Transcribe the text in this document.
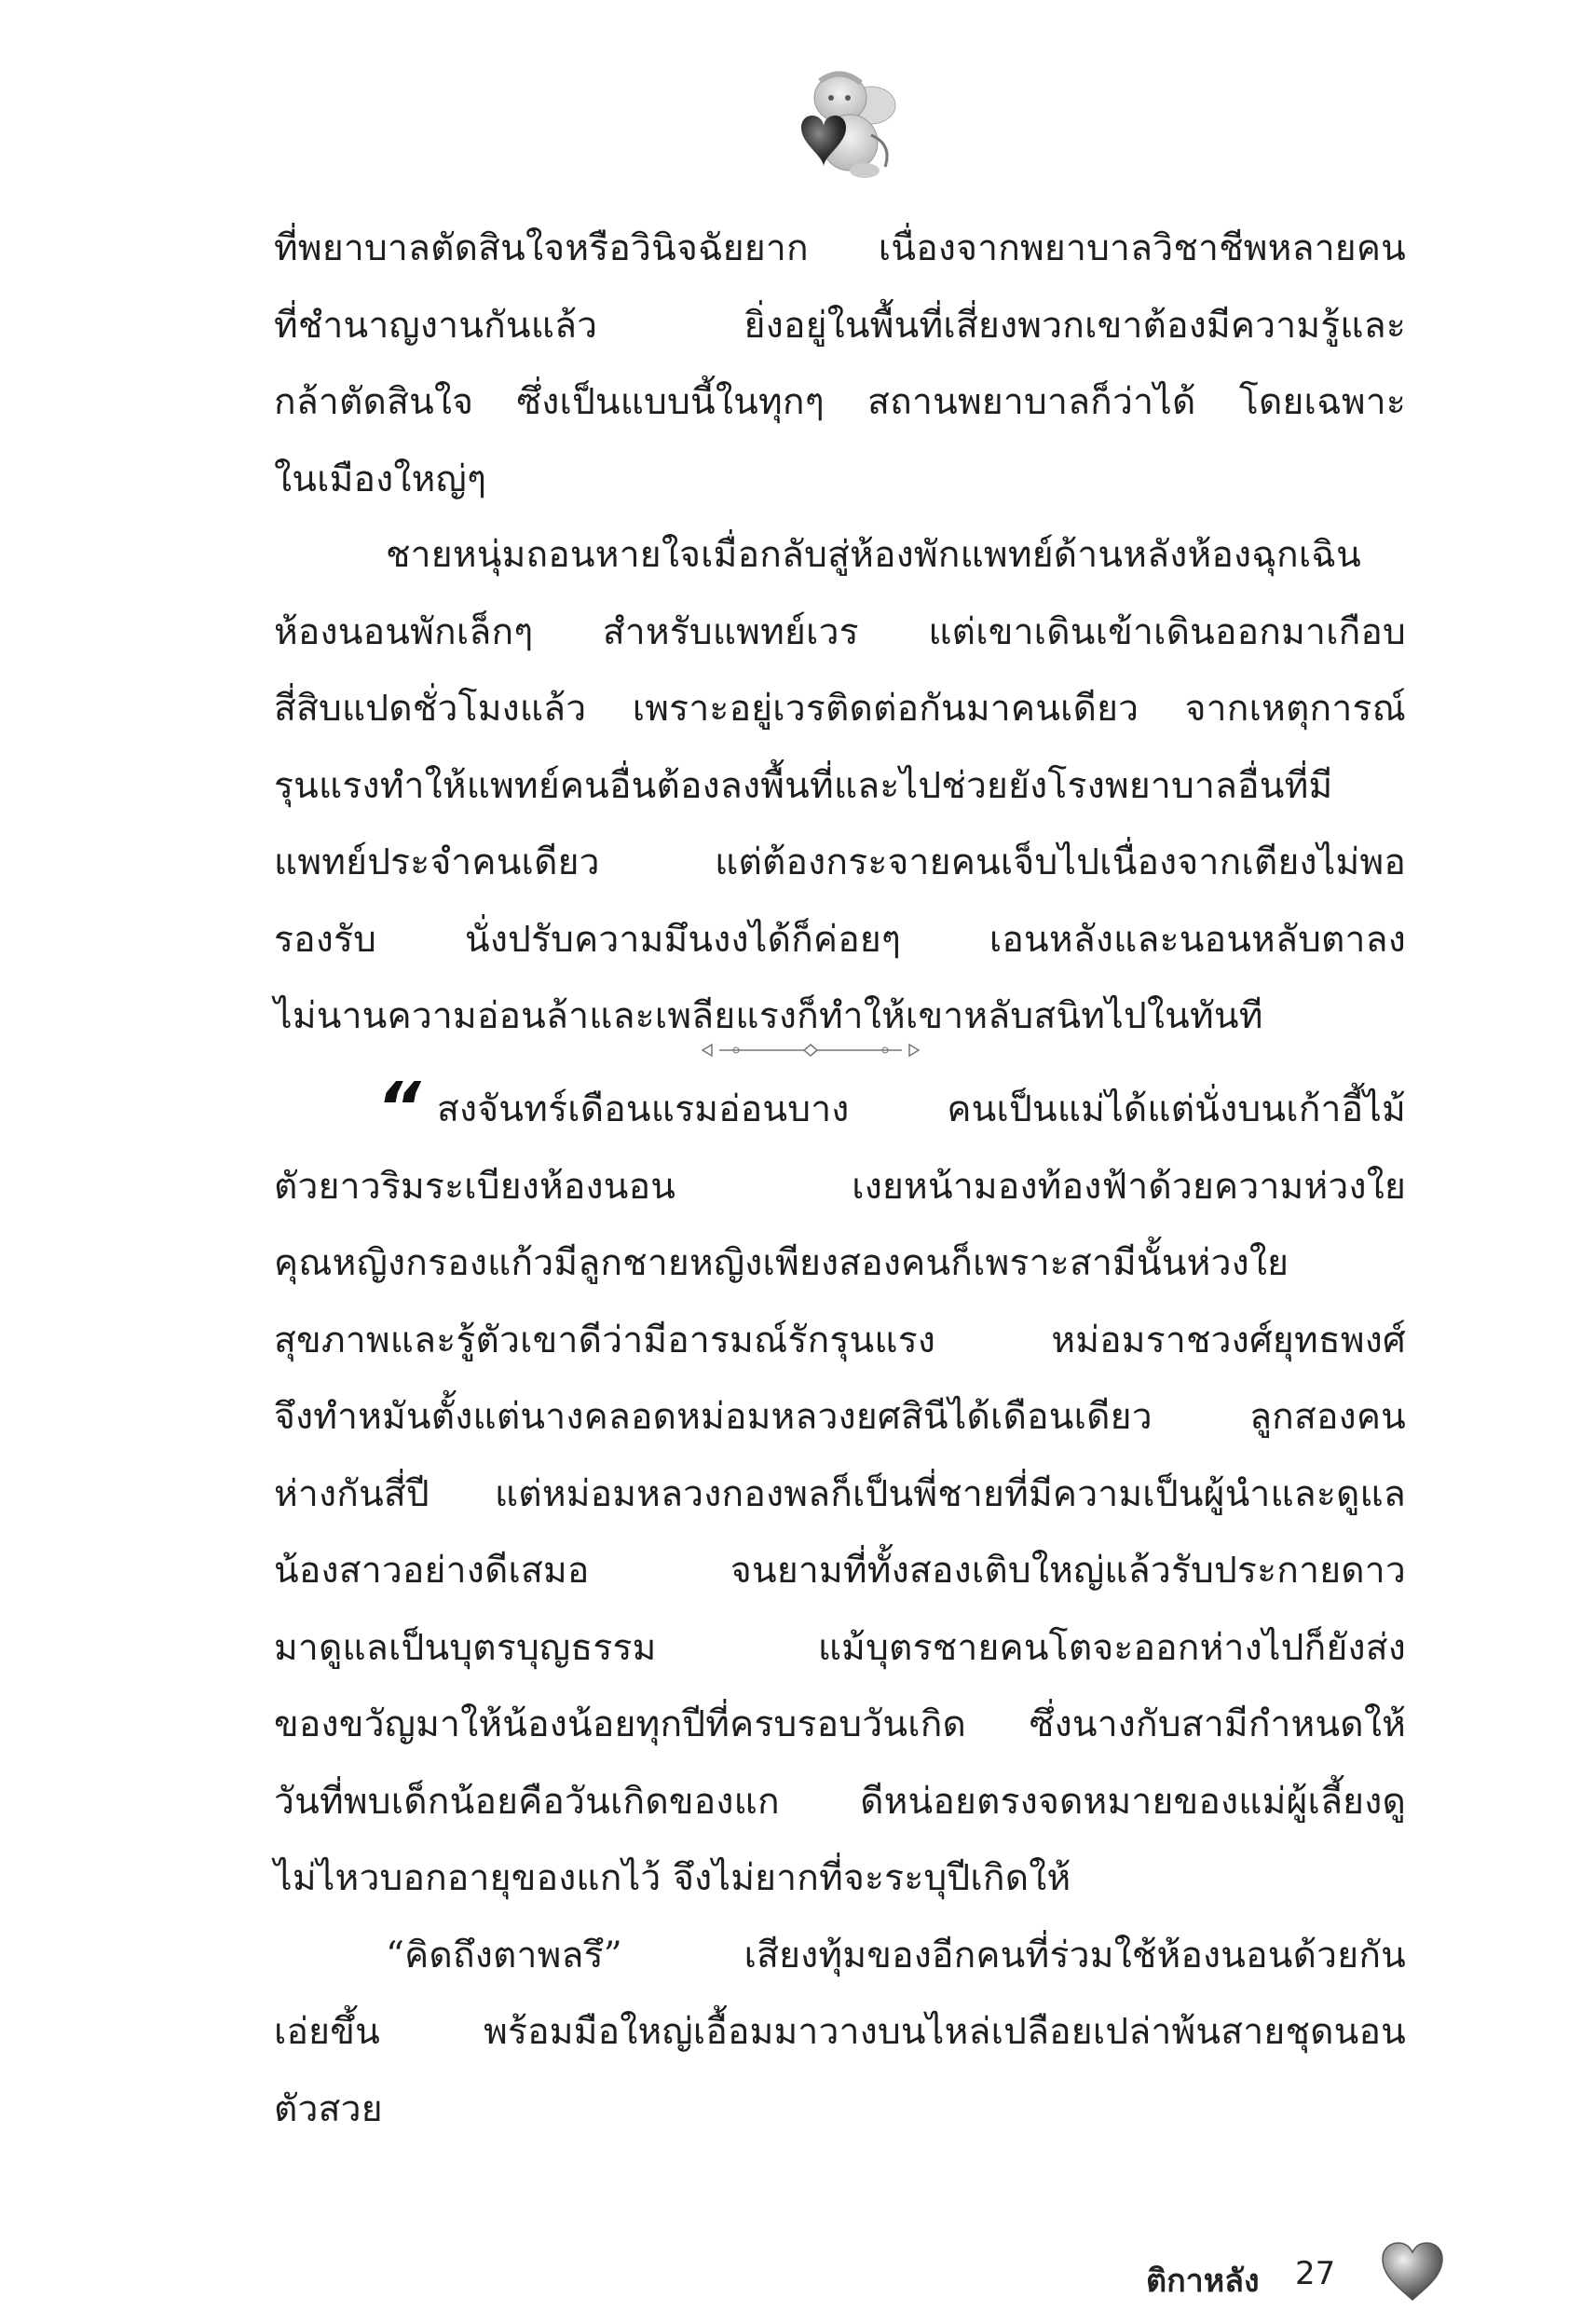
ที่พยาบาลตัดสินใจหรือวินิจฉัยยาก เนื่องจากพยาบาลวิชาชีพหลายคน
ที่ชำนาญงานกันแล้ว ยิ่งอยู่ในพื้นที่เสี่ยงพวกเขาต้องมีความรู้และ
กล้าตัดสินใจ ซึ่งเป็นแบบนี้ในทุกๆ สถานพยาบาลก็ว่าได้ โดยเฉพาะ
ในเมืองใหญ่ๆ
ชายหนุ่มถอนหายใจเมื่อกลับสู่ห้องพักแพทย์ด้านหลังห้องฉุกเฉิน
ห้องนอนพักเล็กๆ สำหรับแพทย์เวร แต่เขาเดินเข้าเดินออกมาเกือบ
สี่สิบแปดชั่วโมงแล้ว เพราะอยู่เวรติดต่อกันมาคนเดียว จากเหตุการณ์
รุนแรงทำให้แพทย์คนอื่นต้องลงพื้นที่และไปช่วยยังโรงพยาบาลอื่นที่มี
แพทย์ประจำคนเดียว แต่ต้องกระจายคนเจ็บไปเนื่องจากเตียงไม่พอ
รองรับ นั่งปรับความมึนงงได้ก็ค่อยๆ เอนหลังและนอนหลับตาลง
ไม่นานความอ่อนล้าและเพลียแรงก็ทำให้เขาหลับสนิทไปในทันที
“ สงจันทร์เดือนแรมอ่อนบาง คนเป็นแม่ได้แต่นั่งบนเก้าอี้ไม้
ตัวยาวริมระเบียงห้องนอน เงยหน้ามองท้องฟ้าด้วยความห่วงใย
คุณหญิงกรองแก้วมีลูกชายหญิงเพียงสองคนก็เพราะสามีนั้นห่วงใย
สุขภาพและรู้ตัวเขาดีว่ามีอารมณ์รักรุนแรง หม่อมราชวงศ์ยุทธพงศ์
จึงทำหมันตั้งแต่นางคลอดหม่อมหลวงยศสินีได้เดือนเดียว ลูกสองคน
ห่างกันสี่ปี แต่หม่อมหลวงกองพลก็เป็นพี่ชายที่มีความเป็นผู้นำและดูแล
น้องสาวอย่างดีเสมอ จนยามที่ทั้งสองเติบใหญ่แล้วรับประกายดาว
มาดูแลเป็นบุตรบุญธรรม แม้บุตรชายคนโตจะออกห่างไปก็ยังส่ง
ของขวัญมาให้น้องน้อยทุกปีที่ครบรอบวันเกิด ซึ่งนางกับสามีกำหนดให้
วันที่พบเด็กน้อยคือวันเกิดของแก ดีหน่อยตรงจดหมายของแม่ผู้เลี้ยงดู
ไม่ไหวบอกอายุของแกไว้ จึงไม่ยากที่จะระบุปีเกิดให้
“คิดถึงตาพลรึ” เสียงทุ้มของอีกคนที่ร่วมใช้ห้องนอนด้วยกัน
เอ่ยขึ้น พร้อมมือใหญ่เอื้อมมาวางบนไหล่เปลือยเปล่าพ้นสายชุดนอน
ตัวสวย
ติกาหลัง 27
